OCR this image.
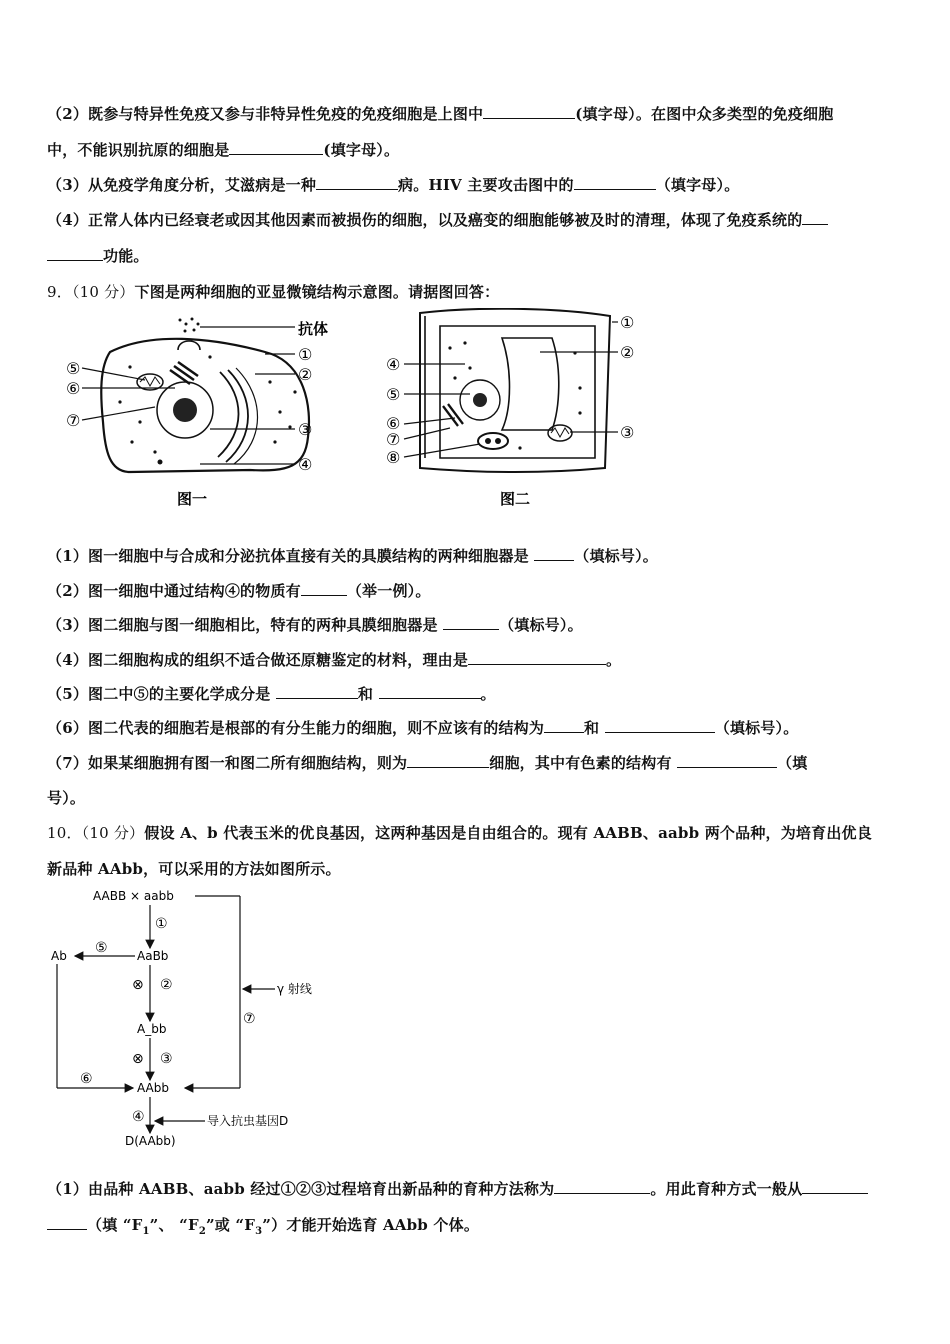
（2）既参与特异性免疫又参与非特异性免疫的免疫细胞是上图中	(填字母）。在图中众多类型的免疫细胞
中，不能识别抗原的细胞是	(填字母）。
（3）从免疫学角度分析，艾滋病是一种	病。HIV 主要攻击图中的	（填字母）。
（4）正常人体内已经衰老或因其他因素而被损伤的细胞，以及癌变的细胞能够被及时的清理，体现了免疫系统的
功能。
9．（10 分）下图是两种细胞的亚显微镜结构示意图。请据图回答：
抗体
⑤
⑥
⑦
①
②
③
④
图一
④
⑤
⑥
⑦
⑧
①
②
③
图二
（1）图一细胞中与合成和分泌抗体直接有关的具膜结构的两种细胞器是	（填标号）。
（2）图一细胞中通过结构④的物质有	（举一例）。
（3）图二细胞与图一细胞相比，特有的两种具膜细胞器是	（填标号）。
（4）图二细胞构成的组织不适合做还原糖鉴定的材料，理由是	。
（5）图二中⑤的主要化学成分是	和	。
（6）图二代表的细胞若是根部的有分生能力的细胞，则不应该有的结构为	和	（填标号）。
（7）如果某细胞拥有图一和图二所有细胞结构，则为	细胞，其中有色素的结构有	（填
号）。
10．（10 分）假设 A、b 代表玉米的优良基因，这两种基因是自由组合的。现有 AABB、aabb 两个品种，为培育出优良
新品种 AAbb，可以采用的方法如图所示。
AABB × aabb
AaBb
A_bb
AAbb
D(AAbb)
Ab
γ 射线
导入抗虫基因D
①
②
③
④
⑤
⑥
⑦
⊗
⊗
（1）由品种 AABB、aabb 经过①②③过程培育出新品种的育种方法称为	。用此育种方式一般从
（填 “$F_1$”、 “$F_2$”或 “$F_3$”）才能开始选育 AAbb 个体。
